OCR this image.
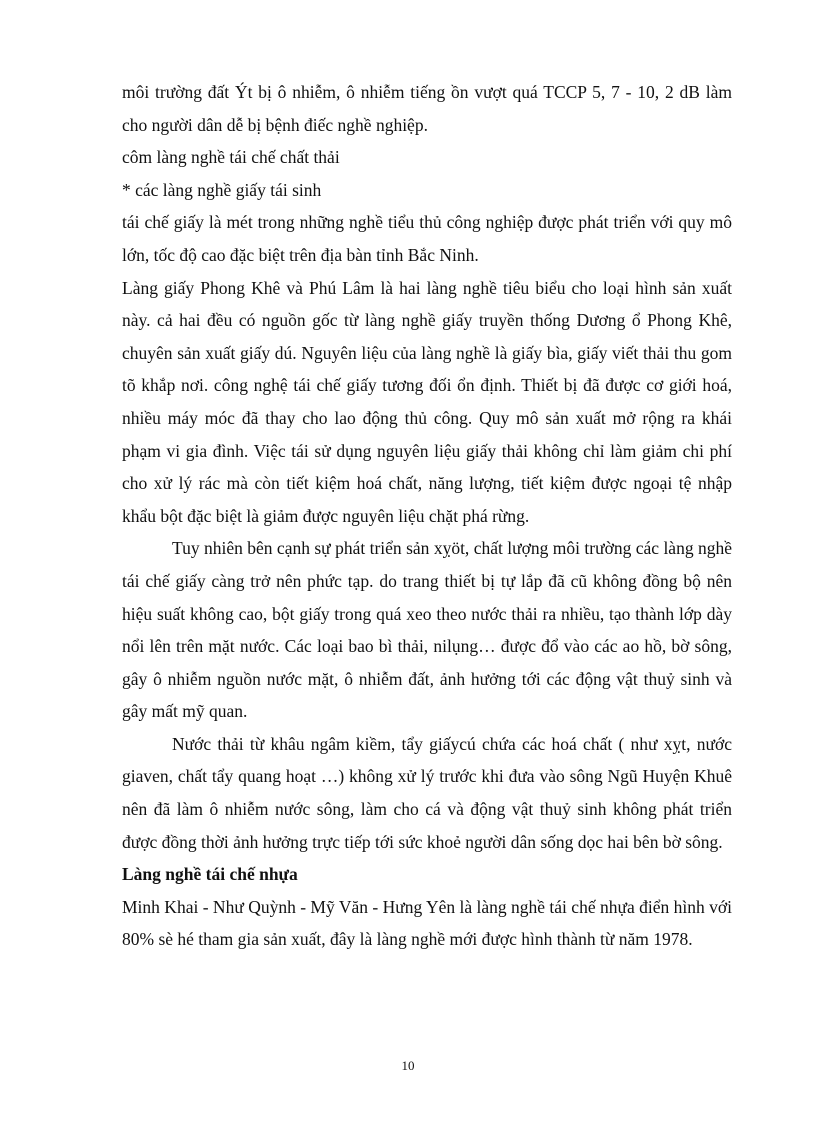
môi trường đất Ýt bị ô nhiễm, ô nhiễm tiếng ồn vượt quá TCCP 5, 7 - 10, 2 dB làm cho người dân dễ bị bệnh điếc nghề nghiệp.

côm làng nghề tái chế chất thải

* các làng nghề giấy tái sinh

tái chế giấy là mét trong những nghề tiểu thủ công nghiệp được phát triển với quy mô lớn, tốc độ cao đặc biệt trên địa bàn tỉnh Bắc Ninh.

Làng giấy Phong Khê và Phú Lâm là hai làng nghề tiêu biểu cho loại hình sản xuất này. cả hai đều có nguồn gốc từ làng nghề giấy truyền thống Dương ổ Phong Khê, chuyên sản xuất giấy dú. Nguyên liệu của làng nghề là giấy bìa, giấy viết thải thu gom tõ khắp nơi. công nghệ tái chế giấy tương đối ổn định. Thiết bị đã được cơ giới hoá, nhiều máy móc đã thay cho lao động thủ công. Quy mô sản xuất mở rộng ra khái phạm vi gia đình. Việc tái sử dụng nguyên liệu giấy thải không chỉ làm giảm chi phí cho xử lý rác mà còn tiết kiệm hoá chất, năng lượng, tiết kiệm được ngoại tệ nhập khẩu bột đặc biệt là giảm được nguyên liệu chặt phá rừng.

Tuy nhiên bên cạnh sự phát triển sản xỵöt, chất lượng môi trường các làng nghề tái chế giấy càng trở nên phức tạp. do trang thiết bị tự lắp đã cũ không đồng bộ nên hiệu suất không cao, bột giấy trong quá xeo theo nước thải ra nhiều, tạo thành lớp dày nổi lên trên mặt nước. Các loại bao bì thải, nilụng… được đổ vào các ao hồ, bờ sông, gây ô nhiễm nguồn nước mặt, ô nhiễm đất, ảnh hưởng tới các động vật thuỷ sinh và gây mất mỹ quan.

Nước thải từ khâu ngâm kiềm, tẩy giấycú chứa các hoá chất ( như xỵt, nước giaven, chất tẩy quang hoạt …) không xử lý trước khi đưa vào sông Ngũ Huyện Khuê nên đã làm ô nhiễm nước sông, làm cho cá và động vật thuỷ sinh không phát triển được đồng thời ảnh hưởng trực tiếp tới sức khoẻ người dân sống dọc hai bên bờ sông.

Làng nghề tái chế nhựa

Minh Khai - Như Quỳnh - Mỹ Văn - Hưng Yên là làng nghề tái chế nhựa điển hình với 80% sè hé tham gia sản xuất, đây là làng nghề mới được hình thành từ năm 1978.

10
